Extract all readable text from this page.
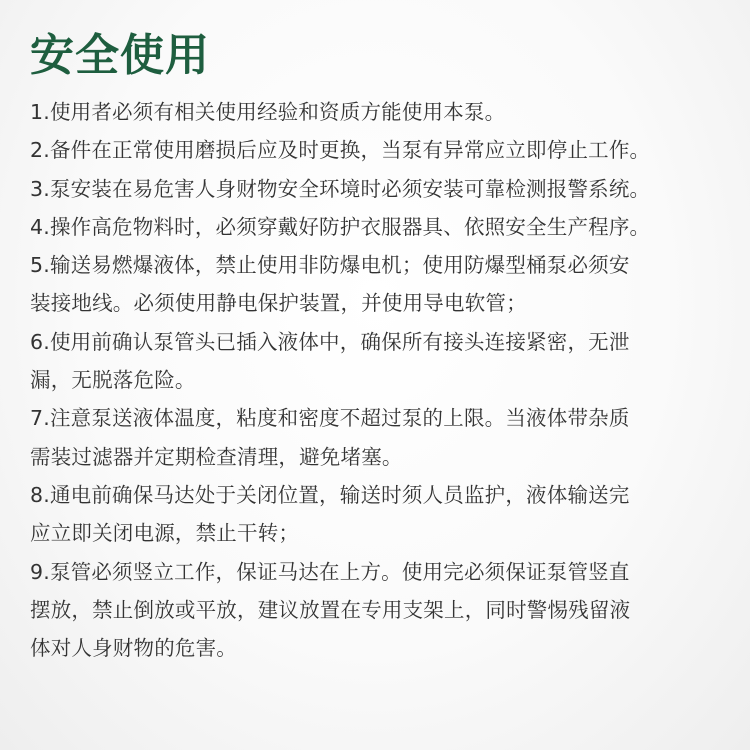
安全使用
1.使用者必须有相关使用经验和资质方能使用本泵。
2.备件在正常使用磨损后应及时更换，当泵有异常应立即停止工作。
3.泵安装在易危害人身财物安全环境时必须安装可靠检测报警系统。
4.操作高危物料时，必须穿戴好防护衣服器具、依照安全生产程序。
5.输送易燃爆液体，禁止使用非防爆电机；使用防爆型桶泵必须安
装接地线。必须使用静电保护装置，并使用导电软管；
6.使用前确认泵管头已插入液体中，确保所有接头连接紧密，无泄
漏，无脱落危险。
7.注意泵送液体温度，粘度和密度不超过泵的上限。当液体带杂质
需装过滤器并定期检查清理，避免堵塞。
8.通电前确保马达处于关闭位置，输送时须人员监护，液体输送完
应立即关闭电源，禁止干转；
9.泵管必须竖立工作，保证马达在上方。使用完必须保证泵管竖直
摆放，禁止倒放或平放，建议放置在专用支架上，同时警惕残留液
体对人身财物的危害。
